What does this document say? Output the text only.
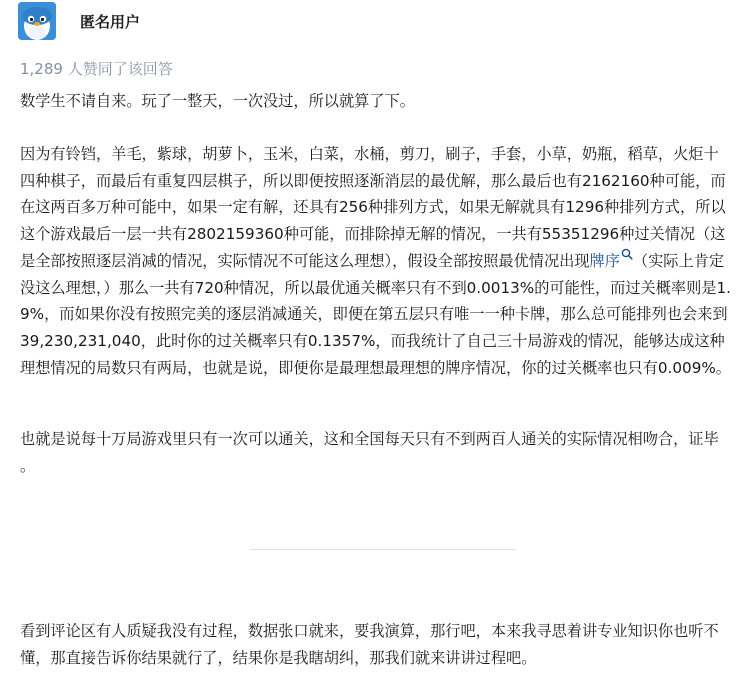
匿名用户
1,289 人赞同了该回答

数学生不请自来。玩了一整天，一次没过，所以就算了下。

因为有铃铛，羊毛，紫球，胡萝卜，玉米，白菜，水桶，剪刀，刷子，手套，小草，奶瓶，稻草，火炬十四种棋子，而最后有重复四层棋子，所以即便按照逐渐消层的最优解，那么最后也有2162160种可能，而在这两百多万种可能中，如果一定有解，还具有256种排列方式，如果无解就具有1296种排列方式，所以这个游戏最后一层一共有2802159360种可能，而排除掉无解的情况，一共有55351296种过关情况（这是全部按照逐层消减的情况，实际情况不可能这么理想），假设全部按照最优情况出现牌序 （实际上肯定没这么理想，）那么一共有720种情况，所以最优通关概率只有不到0.0013%的可能性，而过关概率则是1.9%，而如果你没有按照完美的逐层消减通关，即便在第五层只有唯一一种卡牌，那么总可能排列也会来到39,230,231,040，此时你的过关概率只有0.1357%，而我统计了自己三十局游戏的情况，能够达成这种理想情况的局数只有两局，也就是说，即便你是最理想最理想的牌序情况，你的过关概率也只有0.009%。

也就是说每十万局游戏里只有一次可以通关，这和全国每天只有不到两百人通关的实际情况相吻合，证毕。

看到评论区有人质疑我没有过程，数据张口就来，要我演算，那行吧，本来我寻思着讲专业知识你也听不懂，那直接告诉你结果就行了，结果你是我瞎胡纠，那我们就来讲讲过程吧。
